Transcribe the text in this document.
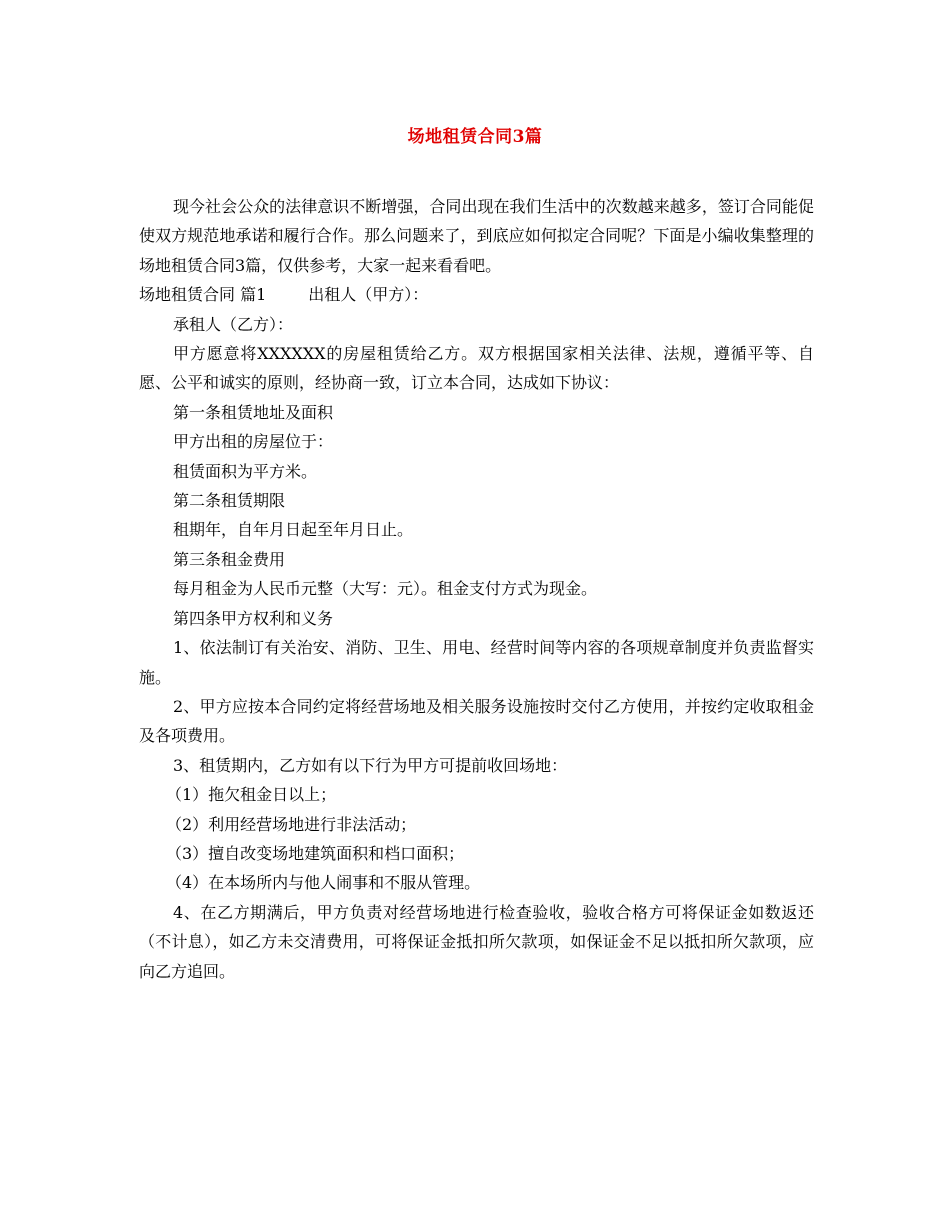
场地租赁合同3篇

现今社会公众的法律意识不断增强，合同出现在我们生活中的次数越来越多，签订合同能促使双方规范地承诺和履行合作。那么问题来了，到底应如何拟定合同呢？下面是小编收集整理的场地租赁合同3篇，仅供参考，大家一起来看看吧。

场地租赁合同 篇1	出租人（甲方）：

承租人（乙方）：

甲方愿意将XXXXXX的房屋租赁给乙方。双方根据国家相关法律、法规，遵循平等、自愿、公平和诚实的原则，经协商一致，订立本合同，达成如下协议：

第一条租赁地址及面积

甲方出租的房屋位于：

租赁面积为平方米。

第二条租赁期限

租期年，自年月日起至年月日止。

第三条租金费用

每月租金为人民币元整（大写：元）。租金支付方式为现金。

第四条甲方权利和义务

1、依法制订有关治安、消防、卫生、用电、经营时间等内容的各项规章制度并负责监督实施。

2、甲方应按本合同约定将经营场地及相关服务设施按时交付乙方使用，并按约定收取租金及各项费用。

3、租赁期内，乙方如有以下行为甲方可提前收回场地：

（1）拖欠租金日以上；

（2）利用经营场地进行非法活动；

（3）擅自改变场地建筑面积和档口面积；

（4）在本场所内与他人闹事和不服从管理。

4、在乙方期满后，甲方负责对经营场地进行检查验收，验收合格方可将保证金如数返还（不计息），如乙方未交清费用，可将保证金抵扣所欠款项，如保证金不足以抵扣所欠款项，应向乙方追回。
